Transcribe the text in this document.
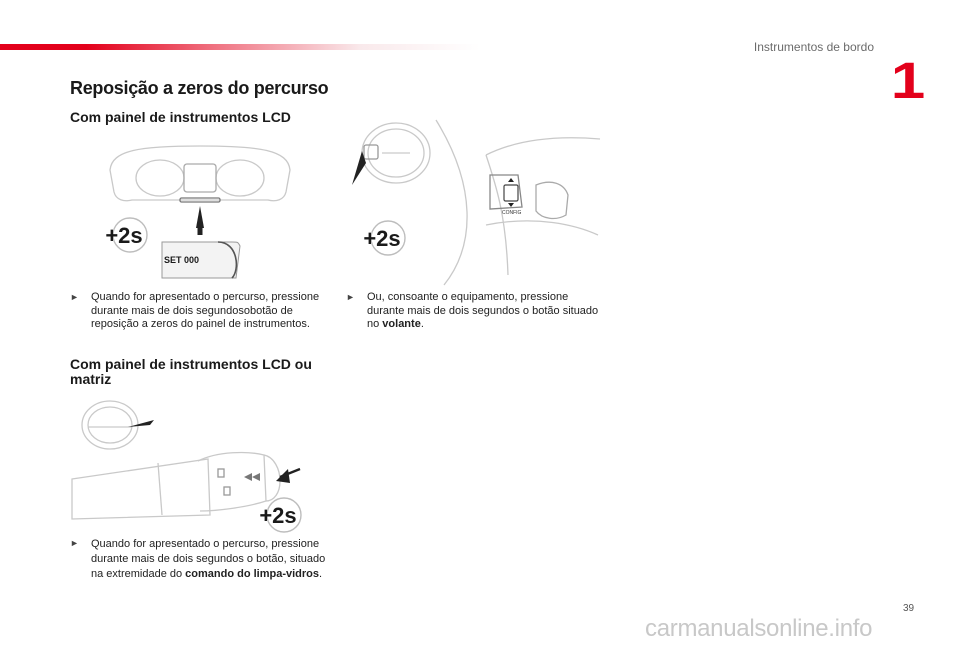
Instrumentos de bordo
1
Reposição a zeros do percurso
Com painel de instrumentos LCD
+2s
SET 000
CONFIG
+2s
► Quando for apresentado o percurso, pressione durante mais de dois segundosobotão de reposição a zeros do painel de instrumentos.
► Ou, consoante o equipamento, pressione durante mais de dois segundos o botão situado no volante.
Com painel de instrumentos LCD ou matriz
+2s
► Quando for apresentado o percurso, pressione durante mais de dois segundos o botão, situado na extremidade do comando do limpa-vidros.
39
carmanualsonline.info
